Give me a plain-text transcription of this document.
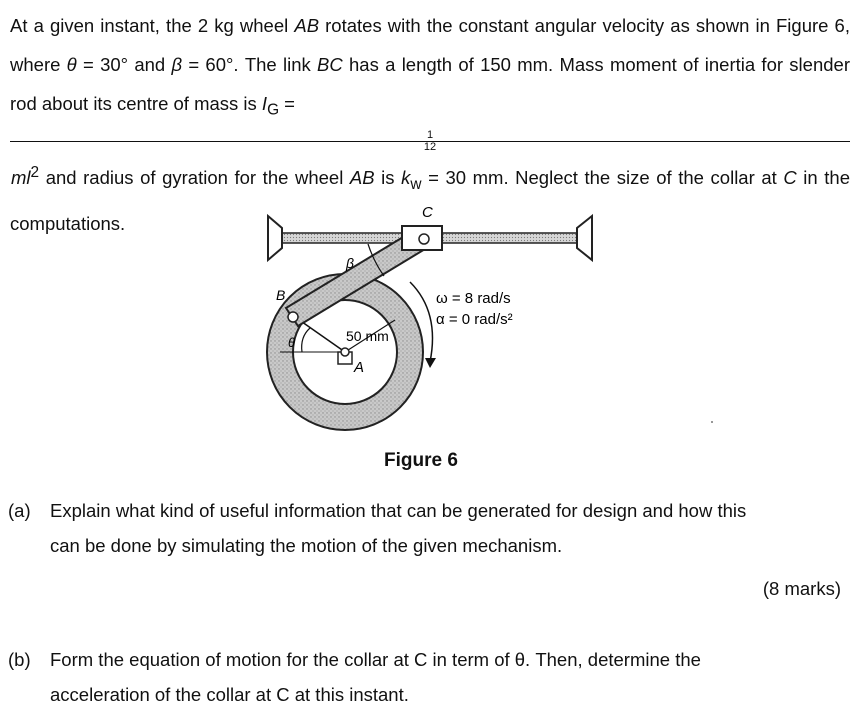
At a given instant, the 2 kg wheel AB rotates with the constant angular velocity as shown in Figure 6, where θ = 30° and β = 60°. The link BC has a length of 150 mm. Mass moment of inertia for slender rod about its centre of mass is $I_G$ =
1
12
$ml^2$ and radius of gyration for the wheel AB is $k_w = 30$ mm. Neglect the size of the collar at C in the computations.
C
B
A
β
θ	50 mm
ω = 8 rad/s
α = 0 rad/s²
Figure 6
(a) Explain what kind of useful information that can be generated for design and how this
can be done by simulating the motion of the given mechanism.
(8 marks)
(b) Form the equation of motion for the collar at C in term of θ. Then, determine the
acceleration of the collar at C at this instant.
